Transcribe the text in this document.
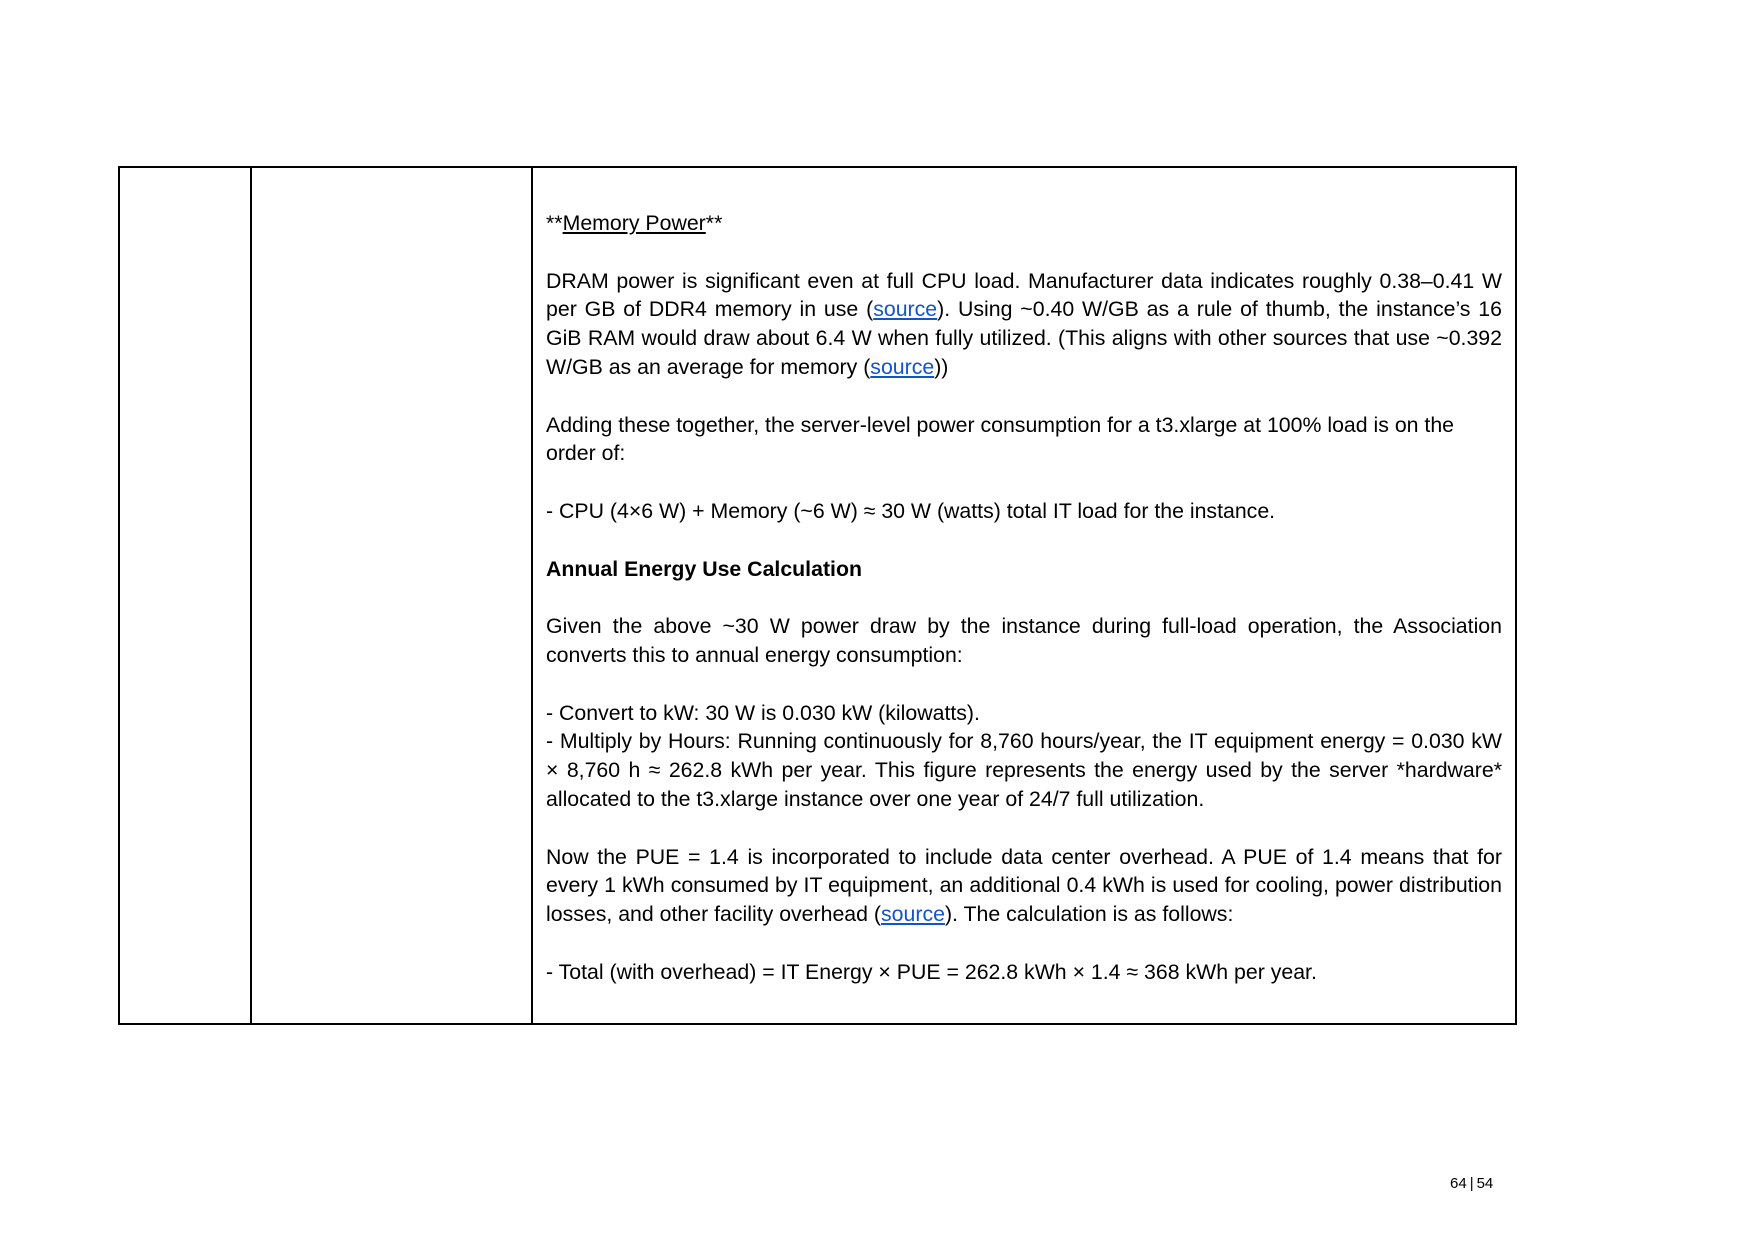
**Memory Power**

DRAM power is significant even at full CPU load. Manufacturer data indicates roughly 0.38–0.41 W per GB of DDR4 memory in use (source). Using ~0.40 W/GB as a rule of thumb, the instance’s 16 GiB RAM would draw about 6.4 W when fully utilized. (This aligns with other sources that use ~0.392 W/GB as an average for memory (source))

Adding these together, the server-level power consumption for a t3.xlarge at 100% load is on the order of:

- CPU (4×6 W) + Memory (~6 W) ≈ 30 W (watts) total IT load for the instance.

Annual Energy Use Calculation

Given the above ~30 W power draw by the instance during full-load operation, the Association converts this to annual energy consumption:

- Convert to kW: 30 W is 0.030 kW (kilowatts).

- Multiply by Hours: Running continuously for 8,760 hours/year, the IT equipment energy = 0.030 kW × 8,760 h ≈ 262.8 kWh per year. This figure represents the energy used by the server *hardware* allocated to the t3.xlarge instance over one year of 24/7 full utilization.

Now the PUE = 1.4 is incorporated to include data center overhead. A PUE of 1.4 means that for every 1 kWh consumed by IT equipment, an additional 0.4 kWh is used for cooling, power distribution losses, and other facility overhead (source). The calculation is as follows:

- Total (with overhead) = IT Energy × PUE = 262.8 kWh × 1.4 ≈ 368 kWh per year.

64 | 54
